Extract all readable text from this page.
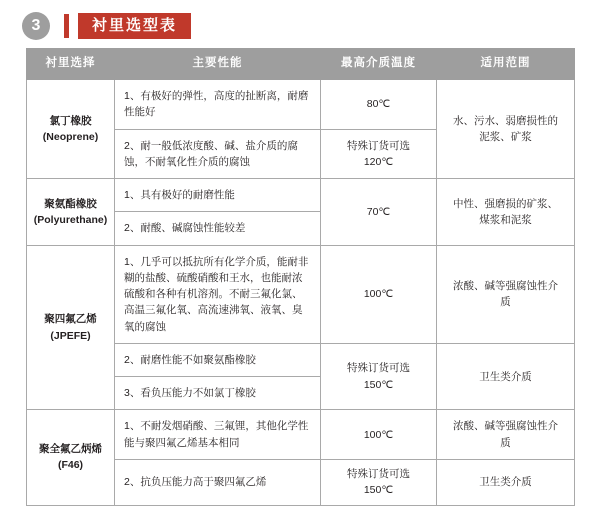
3	衬里选型表
衬里选择	主要性能	最高介质温度	适用范围

氯丁橡胶
(Neoprene)	1、有极好的弹性，高度的扯断离，耐磨性能好	80℃	水、污水、弱磨损性的
泥浆、矿浆

	2、耐一般低浓度酸、碱、盐介质的腐蚀，不耐氧化性介质的腐蚀	特殊订货可选
120℃	

聚氨酯橡胶
(Polyurethane)	1、具有极好的耐磨性能	70℃	中性、强磨损的矿浆、
煤浆和泥浆

	2、耐酸、碱腐蚀性能较差		

聚四氟乙烯
(JPEFE)	1、几乎可以抵抗所有化学介质，能耐非糊的盐酸、硫酸硝酸和王水，也能耐浓硫酸和各种有机溶剂。不耐三氟化氯、高温三氟化氧、高流速沸氧、液氧、臭氧的腐蚀	100℃	浓酸、碱等强腐蚀性介
质

	2、耐磨性能不如聚氨酯橡胶	特殊订货可选
150℃	卫生类介质

	3、看负压能力不如氯丁橡胶		

聚全氟乙炳烯
(F46)	1、不耐发烟硝酸、三氟锂，其他化学性能与聚四氟乙烯基本相同	100℃	浓酸、碱等强腐蚀性介
质

	2、抗负压能力高于聚四氟乙烯	特殊订货可选
150℃	卫生类介质
